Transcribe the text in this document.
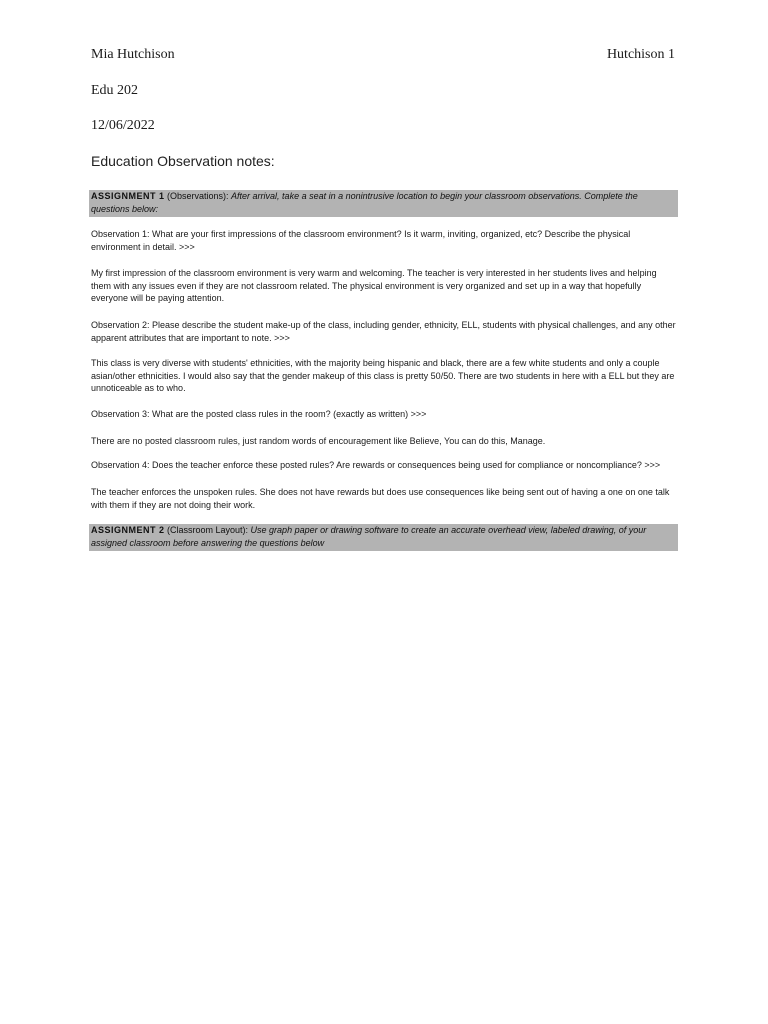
Mia Hutchison	Hutchison 1
Edu 202
12/06/2022
Education Observation notes:
ASSIGNMENT 1 (Observations): After arrival, take a seat in a nonintrusive location to begin your classroom observations. Complete the questions below:
Observation 1: What are your first impressions of the classroom environment? Is it warm, inviting, organized, etc? Describe the physical environment in detail. >>>
My first impression of the classroom environment is very warm and welcoming. The teacher is very interested in her students lives and helping them with any issues even if they are not classroom related. The physical environment is very organized and set up in a way that hopefully everyone will be paying attention.
Observation 2: Please describe the student make-up of the class, including gender, ethnicity, ELL, students with physical challenges, and any other apparent attributes that are important to note. >>>
This class is very diverse with students' ethnicities, with the majority being hispanic and black, there are a few white students and only a couple asian/other ethnicities. I would also say that the gender makeup of this class is pretty 50/50. There are two students in here with a ELL but they are unnoticeable as to who.
Observation 3: What are the posted class rules in the room? (exactly as written) >>>
There are no posted classroom rules, just random words of encouragement like Believe, You can do this, Manage.
Observation 4: Does the teacher enforce these posted rules? Are rewards or consequences being used for compliance or noncompliance? >>>
The teacher enforces the unspoken rules. She does not have rewards but does use consequences like being sent out of having a one on one talk with them if they are not doing their work.
ASSIGNMENT 2 (Classroom Layout): Use graph paper or drawing software to create an accurate overhead view, labeled drawing, of your assigned classroom before answering the questions below
